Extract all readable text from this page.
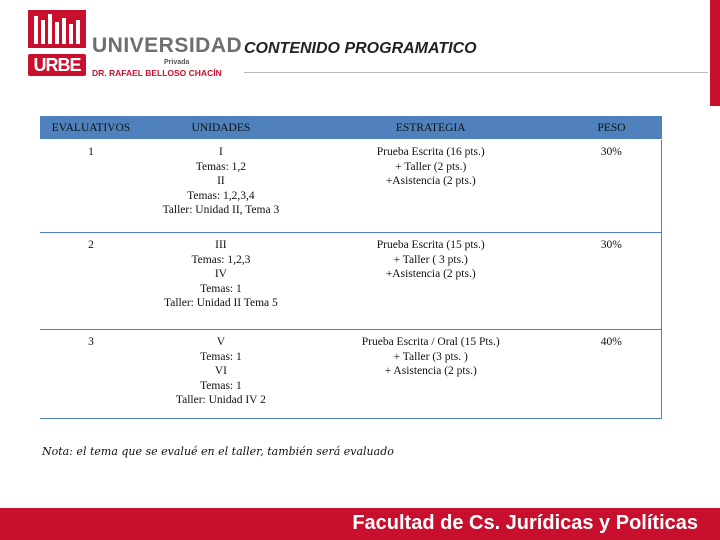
URBE
UNIVERSIDAD
Privada
DR. RAFAEL BELLOSO CHACÍN
CONTENIDO PROGRAMATICO
EVALUATIVOS	UNIDADES	ESTRATEGIA	PESO
1	I
Temas: 1,2
II
Temas: 1,2,3,4
Taller: Unidad II, Tema 3	Prueba Escrita (16 pts.)
+ Taller (2 pts.)
+Asistencia (2 pts.)	30%
2	III
Temas: 1,2,3
IV
Temas: 1
Taller: Unidad II Tema 5	Prueba Escrita (15 pts.)
+ Taller ( 3 pts.)
+Asistencia (2 pts.)	30%
3	V
Temas: 1
VI
Temas: 1
Taller: Unidad IV 2	Prueba Escrita / Oral (15 Pts.)
+ Taller (3 pts. )
+ Asistencia (2 pts.)	40%
Nota: el tema que se evalué en el taller, también será evaluado
Facultad de Cs. Jurídicas y Políticas
